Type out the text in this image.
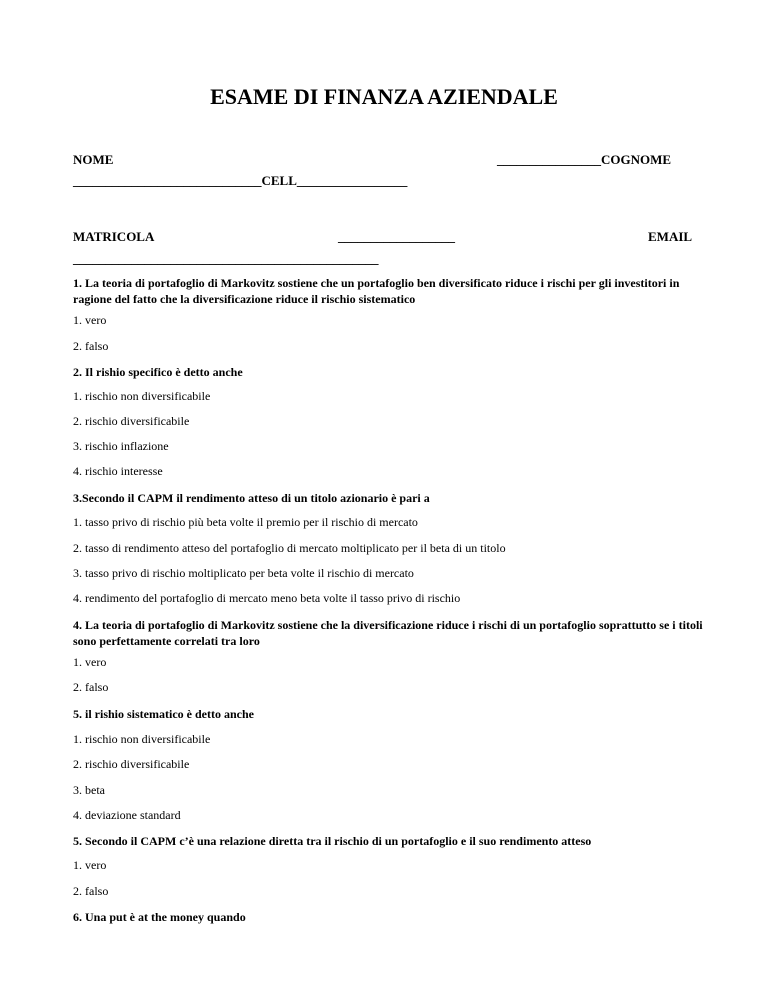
ESAME DI FINANZA AZIENDALE
NOME	________________COGNOME
_____________________________CELL_________________
MATRICOLA	__________________	EMAIL
_______________________________________________
1. La teoria di portafoglio di Markovitz sostiene che un portafoglio ben diversificato riduce i rischi per gli investitori in ragione del fatto che la diversificazione riduce il rischio sistematico
1. vero
2. falso
2. Il rishio specifico è detto anche
1. rischio non diversificabile
2. rischio diversificabile
3. rischio inflazione
4. rischio interesse
3.Secondo il CAPM il rendimento atteso di un titolo azionario è pari a
1. tasso privo di rischio più beta volte il premio per il rischio di mercato
2. tasso di rendimento atteso del portafoglio di mercato moltiplicato per il beta di un titolo
3. tasso privo di rischio moltiplicato per beta volte il rischio di mercato
4. rendimento del portafoglio di mercato meno beta volte il tasso privo di rischio
4. La teoria di portafoglio di Markovitz sostiene che la diversificazione riduce i rischi di un portafoglio soprattutto se i titoli sono perfettamente correlati tra loro
1. vero
2. falso
5. il rishio sistematico è detto anche
1. rischio non diversificabile
2. rischio diversificabile
3. beta
4. deviazione standard
5. Secondo il CAPM c’è una relazione diretta tra il rischio di un portafoglio e il suo rendimento atteso
1. vero
2. falso
6. Una put è at the money quando
